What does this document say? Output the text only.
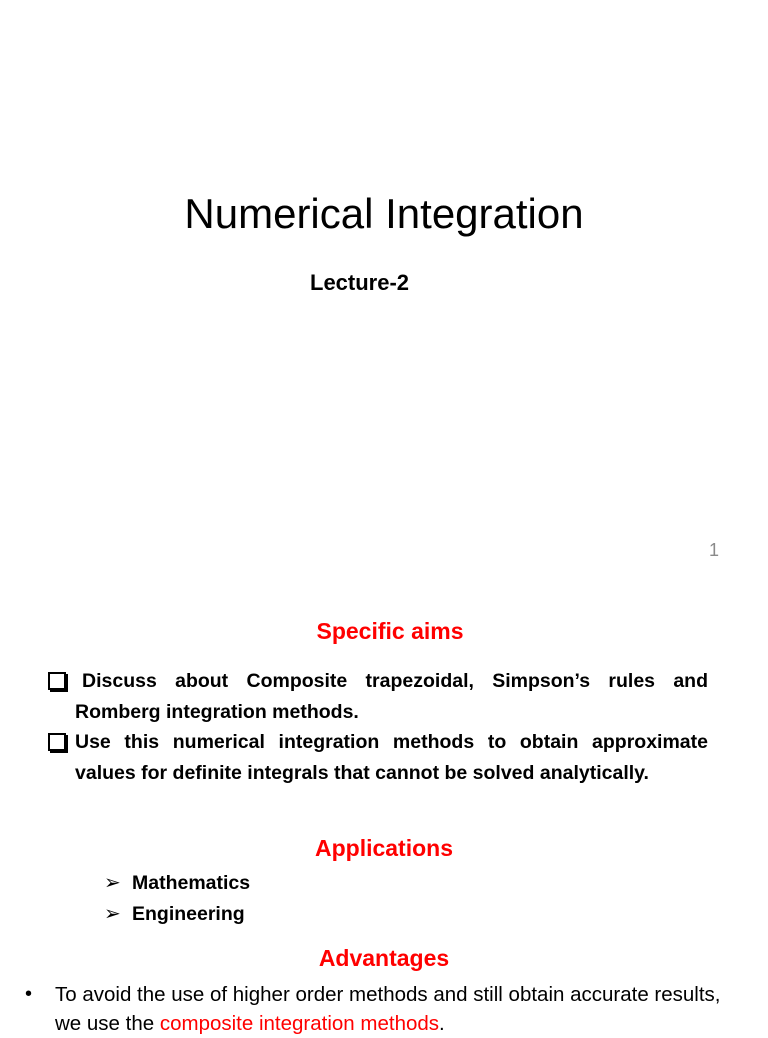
Numerical Integration
Lecture-2
1
Specific aims
Discuss about Composite trapezoidal, Simpson’s rules and Romberg integration methods.
Use this numerical integration methods to obtain approximate values for definite integrals that cannot be solved analytically.
Applications
➢ Mathematics
➢ Engineering
Advantages
• To avoid the use of higher order methods and still obtain accurate results, we use the composite integration methods.
